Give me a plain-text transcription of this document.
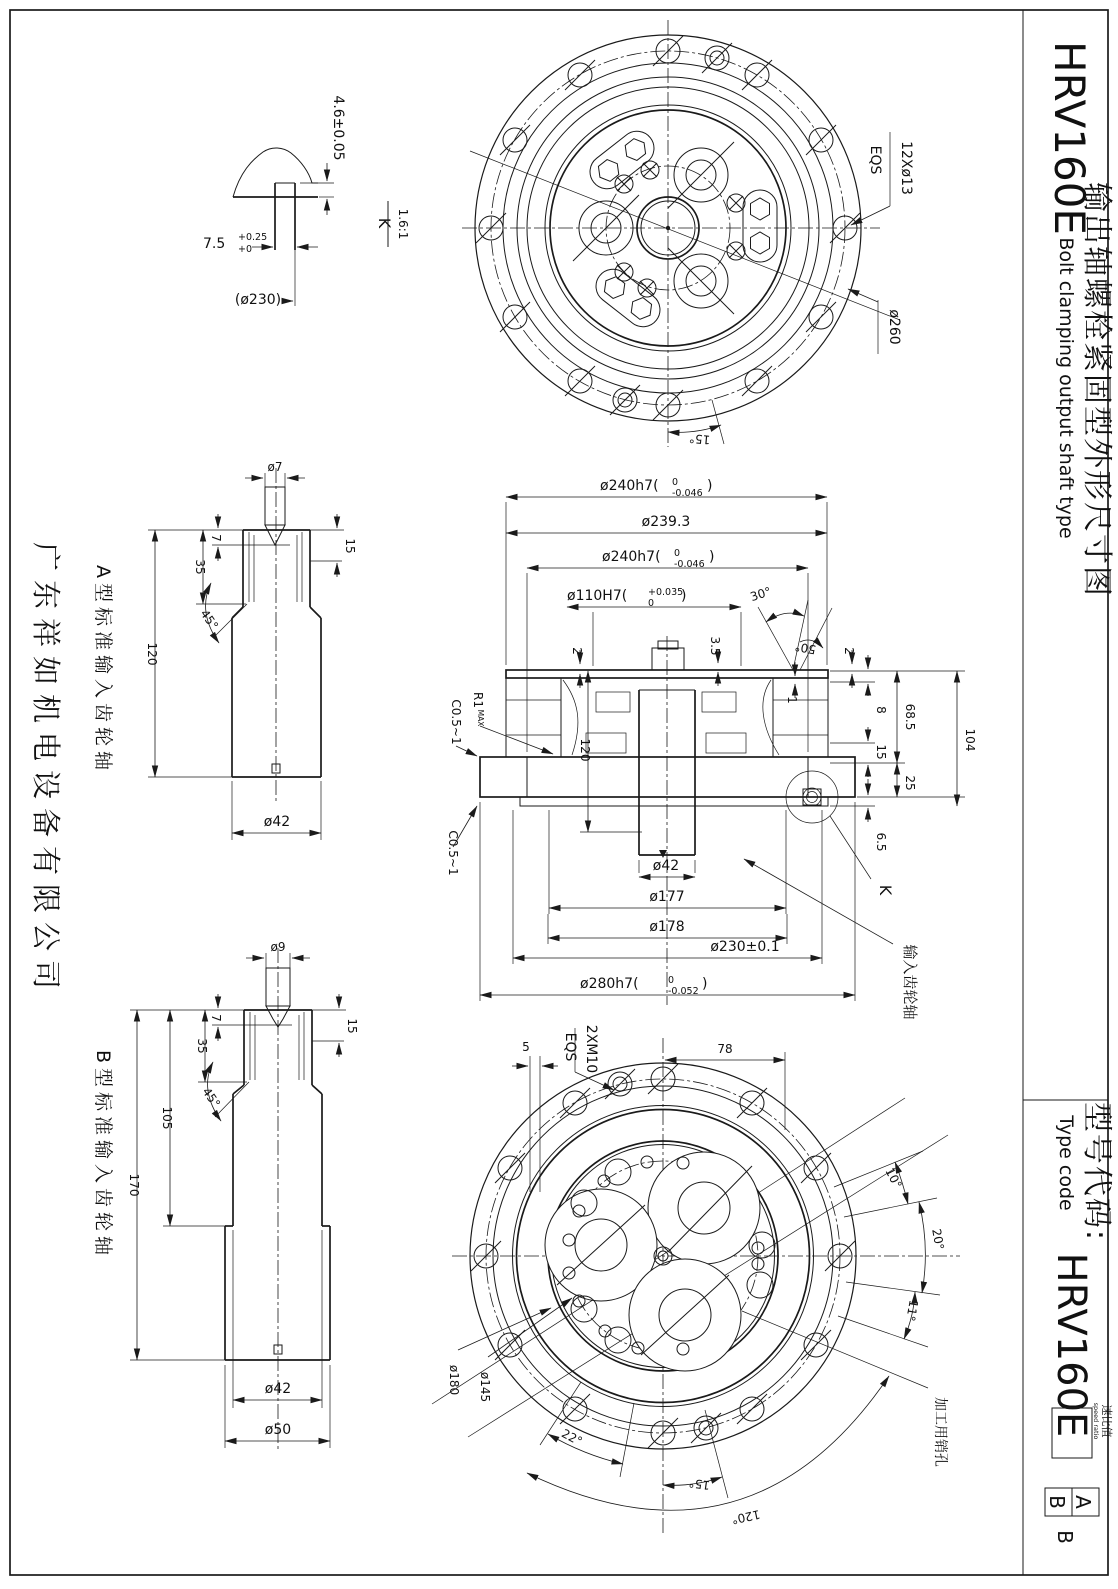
HRV160E
输出轴螺栓紧固型外形尺寸图
Bolt clamping output shaft type
型号代码:
Type code
HRV160E 速比值
speed ratio
A
B
B
广东祥如机电设备有限公司
4.6±0.05
7.5 +0.25
+0
(ø230)
K 1.6:1
12Xø13
EQS
ø260
15°
ø240h7( 0
-0.046 )
ø239.3
ø240h7( 0
-0.046 )
ø110H7( +0.035
0 )	30°
50°
2	2
3.5
1
8
15
68.5
25
104
6.5
K
R1
MAX
C0.5~1
C0.5~1
120
ø42
ø177
ø178
ø230±0.1
ø280h7(	0
-0.052 )	输入齿轮轴
ø7
7
15
35
45°
120
ø42
A型标准输入齿轮轴
ø9
7
15
35
45°
105
170
ø42
ø50
B型标准输入齿轮轴
2XM10
EQS	78
5
10°
20°
11°
加工用销孔
ø180 ø145
22°
15°
120°
